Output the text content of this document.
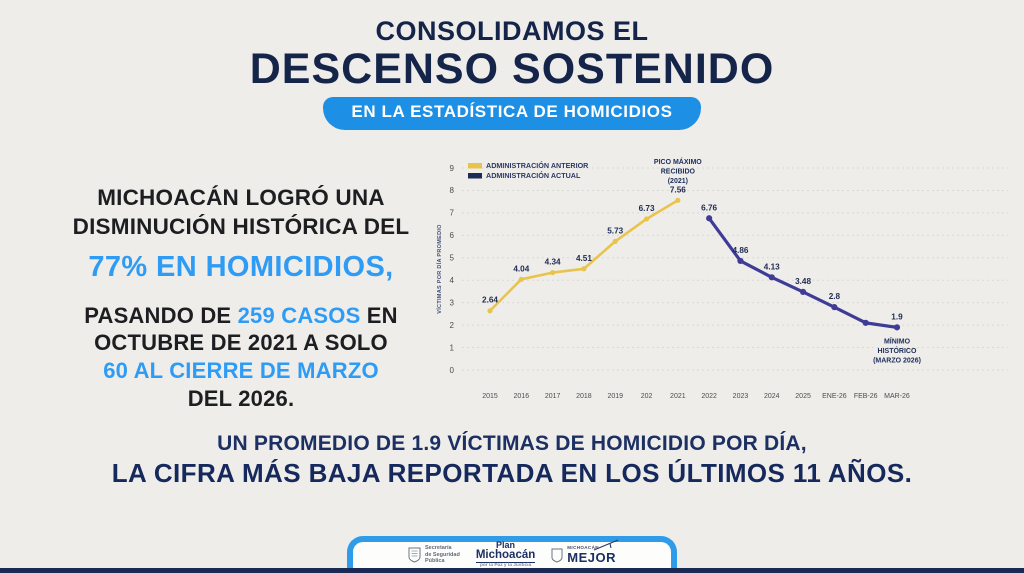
CONSOLIDAMOS EL
DESCENSO SOSTENIDO
EN LA ESTADÍSTICA DE HOMICIDIOS
MICHOACÁN LOGRÓ UNA
DISMINUCIÓN HISTÓRICA DEL
77% EN HOMICIDIOS,
PASANDO DE 259 CASOS EN
OCTUBRE DE 2021 A SOLO
60 AL CIERRE DE MARZO
DEL 2026.
0
1
2
3
4
5
6
7
8
9
VÍCTIMAS POR DÍA PROMEDIO
2015 2016 2017 2018 2019	202	2021 2022 2023 2024 2025 ENE-26 FEB-26 MAR-26
2.64
4.04
4.34 4.51
5.73
6.73
7.56
6.76
4.86
4.13
3.48
2.8
1.9
PICO MÁXIMO
RECIBIDO
(2021)
MÍNIMO
HISTÓRICO
(MARZO 2026)
ADMINISTRACIÓN ANTERIOR
ADMINISTRACIÓN ACTUAL
UN PROMEDIO DE 1.9 VÍCTIMAS DE HOMICIDIO POR DÍA,
LA CIFRA MÁS BAJA REPORTADA EN LOS ÚLTIMOS 11 AÑOS.
Secretaría
de Seguridad
Pública
Plan
Michoacán
por la Paz y la Justicia
MICHOACÁN
MEJOR
